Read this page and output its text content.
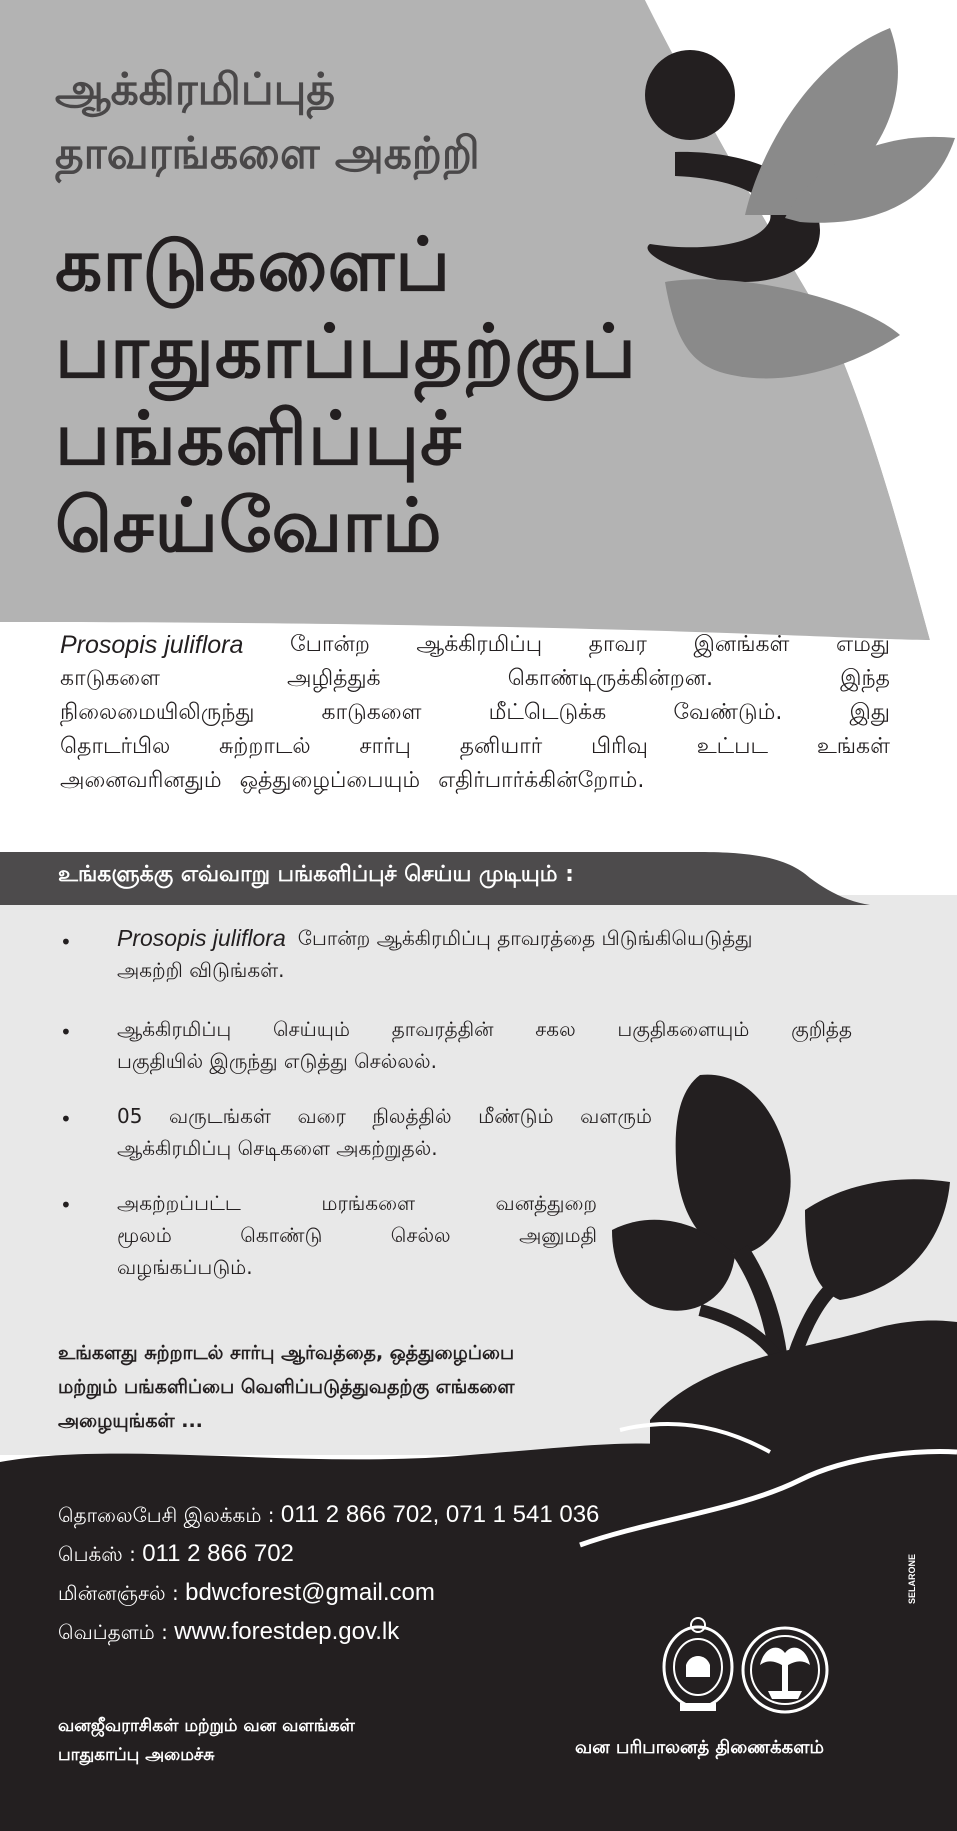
ஆக்கிரமிப்புத்
தாவரங்களை அகற்றி
காடுகளைப்
பாதுகாப்பதற்குப்
பங்களிப்புச்
செய்வோம்
Prosopis juliflora போன்ற ஆக்கிரமிப்பு தாவர இனங்கள் எமது
காடுகளை	அழித்துக்	கொண்டிருக்கின்றன.	இந்த
நிலைமையிலிருந்து	காடுகளை	மீட்டெடுக்க	வேண்டும்.	இது
தொடர்பில சுற்றாடல் சார்பு தனியார் பிரிவு உட்பட உங்கள்
அனைவரினதும் ஒத்துழைப்பையும் எதிர்பார்க்கின்றோம்.
உங்களுக்கு எவ்வாறு பங்களிப்புச் செய்ய முடியும் :
• Prosopis juliflora போன்ற ஆக்கிரமிப்பு தாவரத்தை பிடுங்கியெடுத்து
அகற்றி விடுங்கள்.
• ஆக்கிரமிப்பு செய்யும் தாவரத்தின் சகல பகுதிகளையும் குறித்த
பகுதியில் இருந்து எடுத்து செல்லல்.
• 05 வருடங்கள் வரை நிலத்தில் மீண்டும் வளரும்
ஆக்கிரமிப்பு செடிகளை அகற்றுதல்.
• அகற்றப்பட்ட	மரங்களை	வனத்துறை
மூலம்	கொண்டு	செல்ல	அனுமதி
வழங்கப்படும்.
உங்களது சுற்றாடல் சார்பு ஆர்வத்தை, ஒத்துழைப்பை
மற்றும் பங்களிப்பை வெளிப்படுத்துவதற்கு எங்களை
அழையுங்கள் ...
தொலைபேசி இலக்கம் : 011 2 866 702, 071 1 541 036
பெக்ஸ் : 011 2 866 702
மின்னஞ்சல் : bdwcforest@gmail.com
வெப்தளம் : www.forestdep.gov.lk
வனஜீவராசிகள் மற்றும் வன வளங்கள்
பாதுகாப்பு அமைச்சு	வன பரிபாலனத் திணைக்களம்
